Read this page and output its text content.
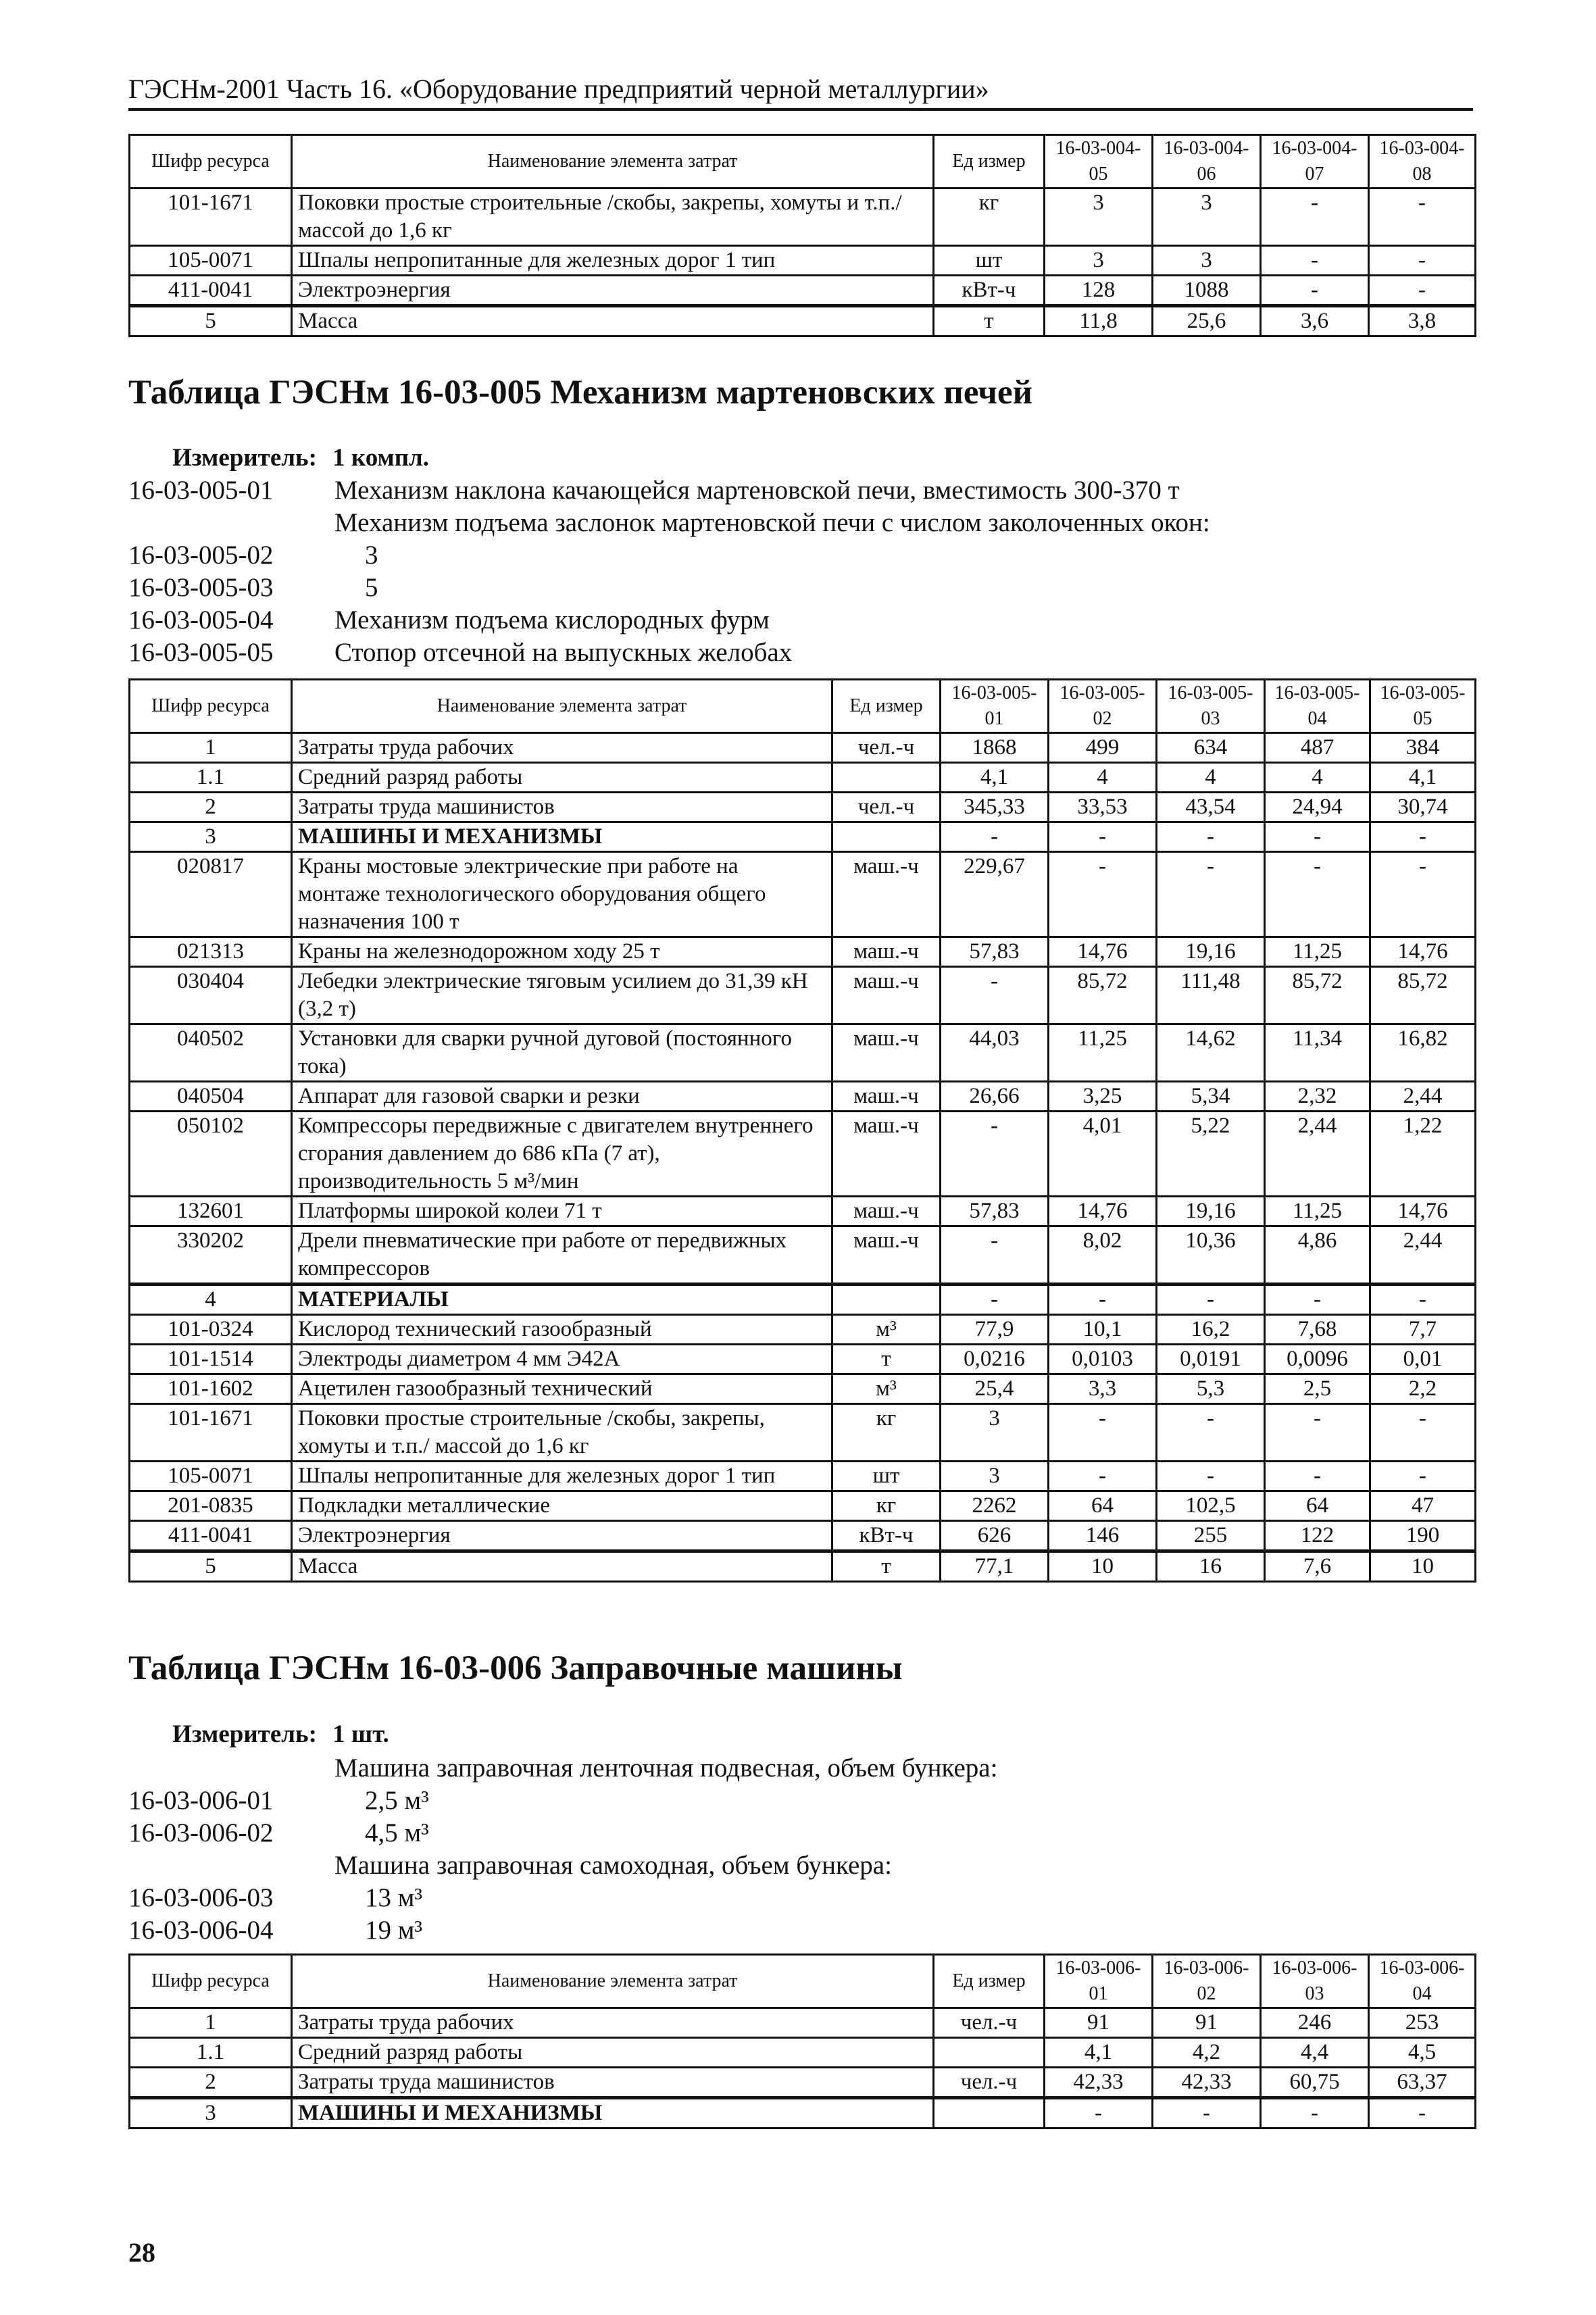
ГЭСНм-2001 Часть 16. «Оборудование предприятий черной металлургии»
Шифр ресурса	Наименование элемента затрат	Ед измер	16-03-004-05	16-03-004-06	16-03-004-07	16-03-004-08
101-1671	Поковки простые строительные /скобы, закрепы, хомуты и т.п./ массой до 1,6 кг	кг	3	3	-	-
105-0071	Шпалы непропитанные для железных дорог 1 тип	шт	3	3	-	-
411-0041	Электроэнергия	кВт-ч	128	1088	-	-
5	Масса	т	11,8	25,6	3,6	3,8
Таблица ГЭСНм 16-03-005 Механизм мартеновских печей
Измеритель: 1 компл.
16-03-005-01 Механизм наклона качающейся мартеновской печи, вместимость 300-370 т
Механизм подъема заслонок мартеновской печи с числом заколоченных окон:
16-03-005-02	3
16-03-005-03	5
16-03-005-04 Механизм подъема кислородных фурм
16-03-005-05 Стопор отсечной на выпускных желобах
Шифр ресурса	Наименование элемента затрат	Ед измер	16-03-005-01	16-03-005-02	16-03-005-03	16-03-005-04	16-03-005-05
1	Затраты труда рабочих	чел.-ч	1868	499	634	487	384
1.1	Средний разряд работы		4,1	4	4	4	4,1
2	Затраты труда машинистов	чел.-ч	345,33	33,53	43,54	24,94	30,74
3	МАШИНЫ И МЕХАНИЗМЫ		-	-	-	-	-
020817	Краны мостовые электрические при работе на монтаже технологического оборудования общего назначения 100 т	маш.-ч	229,67	-	-	-	-
021313	Краны на железнодорожном ходу 25 т	маш.-ч	57,83	14,76	19,16	11,25	14,76
030404	Лебедки электрические тяговым усилием до 31,39 кН (3,2 т)	маш.-ч	-	85,72	111,48	85,72	85,72
040502	Установки для сварки ручной дуговой (постоянного тока)	маш.-ч	44,03	11,25	14,62	11,34	16,82
040504	Аппарат для газовой сварки и резки	маш.-ч	26,66	3,25	5,34	2,32	2,44
050102	Компрессоры передвижные с двигателем внутреннего сгорания давлением до 686 кПа (7 ат), производительность 5 м³/мин	маш.-ч	-	4,01	5,22	2,44	1,22
132601	Платформы широкой колеи 71 т	маш.-ч	57,83	14,76	19,16	11,25	14,76
330202	Дрели пневматические при работе от передвижных компрессоров	маш.-ч	-	8,02	10,36	4,86	2,44
4	МАТЕРИАЛЫ		-	-	-	-	-
101-0324	Кислород технический газообразный	м³	77,9	10,1	16,2	7,68	7,7
101-1514	Электроды диаметром 4 мм Э42А	т	0,0216	0,0103	0,0191	0,0096	0,01
101-1602	Ацетилен газообразный технический	м³	25,4	3,3	5,3	2,5	2,2
101-1671	Поковки простые строительные /скобы, закрепы, хомуты и т.п./ массой до 1,6 кг	кг	3	-	-	-	-
105-0071	Шпалы непропитанные для железных дорог 1 тип	шт	3	-	-	-	-
201-0835	Подкладки металлические	кг	2262	64	102,5	64	47
411-0041	Электроэнергия	кВт-ч	626	146	255	122	190
5	Масса	т	77,1	10	16	7,6	10
Таблица ГЭСНм 16-03-006 Заправочные машины
Измеритель: 1 шт.
Машина заправочная ленточная подвесная, объем бункера:
16-03-006-01	2,5 м³
16-03-006-02	4,5 м³
Машина заправочная самоходная, объем бункера:
16-03-006-03	13 м³
16-03-006-04	19 м³
Шифр ресурса	Наименование элемента затрат	Ед измер	16-03-006-01	16-03-006-02	16-03-006-03	16-03-006-04
1	Затраты труда рабочих	чел.-ч	91	91	246	253
1.1	Средний разряд работы		4,1	4,2	4,4	4,5
2	Затраты труда машинистов	чел.-ч	42,33	42,33	60,75	63,37
3	МАШИНЫ И МЕХАНИЗМЫ		-	-	-	-
28
